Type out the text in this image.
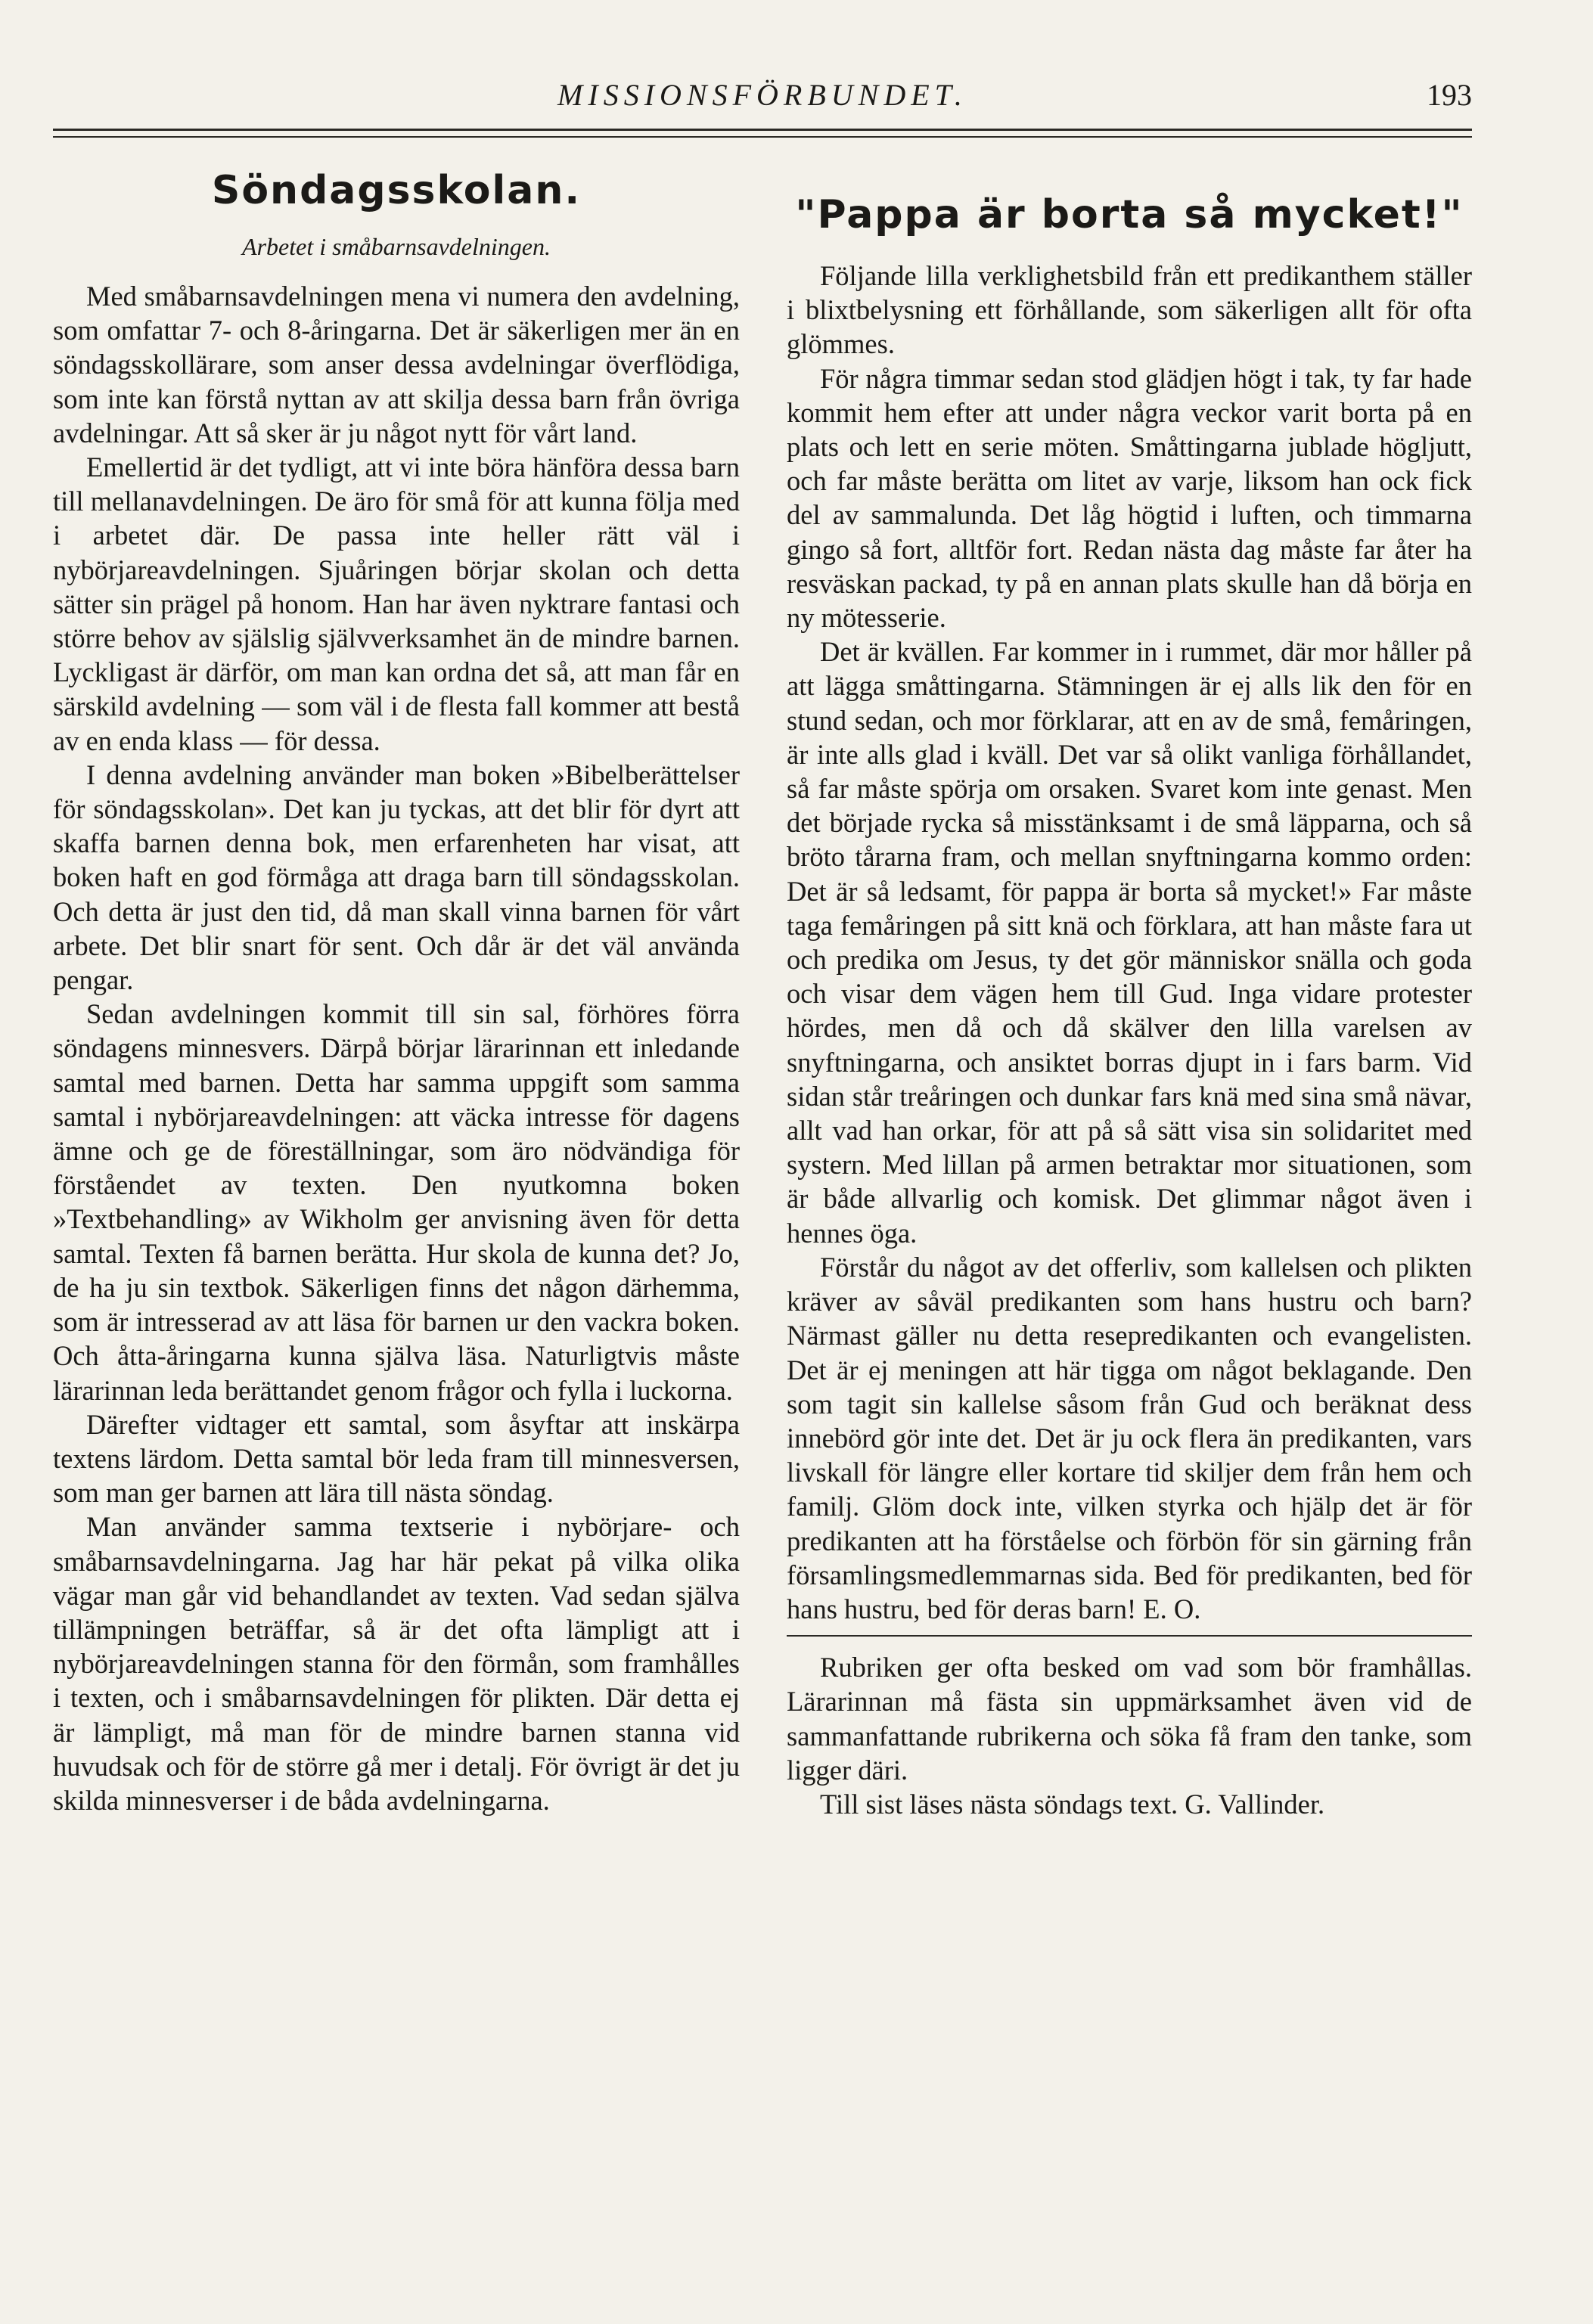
MISSIONSFÖRBUNDET.	193
Söndagsskolan.
Arbetet i småbarnsavdelningen.

Med småbarnsavdelningen mena vi numera den avdelning, som omfattar 7- och 8-åringarna. Det är säkerligen mer än en söndagsskollärare, som anser dessa avdelningar överflödiga, som inte kan förstå nyttan av att skilja dessa barn från övriga avdelningar. Att så sker är ju något nytt för vårt land.

Emellertid är det tydligt, att vi inte böra hänföra dessa barn till mellanavdelningen. De äro för små för att kunna följa med i arbetet där. De passa inte heller rätt väl i nybörjareavdelningen. Sjuåringen börjar skolan och detta sätter sin prägel på honom. Han har även nyktrare fantasi och större behov av själslig självverksamhet än de mindre barnen. Lyckligast är därför, om man kan ordna det så, att man får en särskild avdelning — som väl i de flesta fall kommer att bestå av en enda klass — för dessa.

I denna avdelning använder man boken »Bibelberättelser för söndagsskolan». Det kan ju tyckas, att det blir för dyrt att skaffa barnen denna bok, men erfarenheten har visat, att boken haft en god förmåga att draga barn till söndagsskolan. Och detta är just den tid, då man skall vinna barnen för vårt arbete. Det blir snart för sent. Och dår är det väl använda pengar.

Sedan avdelningen kommit till sin sal, förhöres förra söndagens minnesvers. Därpå börjar lärarinnan ett inledande samtal med barnen. Detta har samma uppgift som samma samtal i nybörjareavdelningen: att väcka intresse för dagens ämne och ge de föreställningar, som äro nödvändiga för förståendet av texten. Den nyutkomna boken »Textbehandling» av Wikholm ger anvisning även för detta samtal. Texten få barnen berätta. Hur skola de kunna det? Jo, de ha ju sin textbok. Säkerligen finns det någon därhemma, som är intresserad av att läsa för barnen ur den vackra boken. Och åtta-åringarna kunna själva läsa. Naturligtvis måste lärarinnan leda berättandet genom frågor och fylla i luckorna.

Därefter vidtager ett samtal, som åsyftar att inskärpa textens lärdom. Detta samtal bör leda fram till minnesversen, som man ger barnen att lära till nästa söndag.

Man använder samma textserie i nybörjare- och småbarnsavdelningarna. Jag har här pekat på vilka olika vägar man går vid behandlandet av texten. Vad sedan själva tillämpningen beträffar, så är det ofta lämpligt att i nybörjareavdelningen stanna för den förmån, som framhålles i texten, och i småbarnsavdelningen för plikten. Där detta ej är lämpligt, må man för de mindre barnen stanna vid huvudsak och för de större gå mer i detalj. För övrigt är det ju skilda minnesverser i de båda avdelningarna.

"Pappa är borta så mycket!"

Följande lilla verklighetsbild från ett predikanthem ställer i blixtbelysning ett förhållande, som säkerligen allt för ofta glömmes.

För några timmar sedan stod glädjen högt i tak, ty far hade kommit hem efter att under några veckor varit borta på en plats och lett en serie möten. Småttingarna jublade högljutt, och far måste berätta om litet av varje, liksom han ock fick del av sammalunda. Det låg högtid i luften, och timmarna gingo så fort, alltför fort. Redan nästa dag måste far åter ha resväskan packad, ty på en annan plats skulle han då börja en ny mötesserie.

Det är kvällen. Far kommer in i rummet, där mor håller på att lägga småttingarna. Stämningen är ej alls lik den för en stund sedan, och mor förklarar, att en av de små, femåringen, är inte alls glad i kväll. Det var så olikt vanliga förhållandet, så far måste spörja om orsaken. Svaret kom inte genast. Men det började rycka så misstänksamt i de små läpparna, och så bröto tårarna fram, och mellan snyftningarna kommo orden: Det är så ledsamt, för pappa är borta så mycket!» Far måste taga femåringen på sitt knä och förklara, att han måste fara ut och predika om Jesus, ty det gör människor snälla och goda och visar dem vägen hem till Gud. Inga vidare protester hördes, men då och då skälver den lilla varelsen av snyftningarna, och ansiktet borras djupt in i fars barm. Vid sidan står treåringen och dunkar fars knä med sina små nävar, allt vad han orkar, för att på så sätt visa sin solidaritet med systern. Med lillan på armen betraktar mor situationen, som är både allvarlig och komisk. Det glimmar något även i hennes öga.

Förstår du något av det offerliv, som kallelsen och plikten kräver av såväl predikanten som hans hustru och barn? Närmast gäller nu detta resepredikanten och evangelisten. Det är ej meningen att här tigga om något beklagande. Den som tagit sin kallelse såsom från Gud och beräknat dess innebörd gör inte det. Det är ju ock flera än predikanten, vars livskall för längre eller kortare tid skiljer dem från hem och familj. Glöm dock inte, vilken styrka och hjälp det är för predikanten att ha förståelse och förbön för sin gärning från församlingsmedlemmarnas sida. Bed för predikanten, bed för hans hustru, bed för deras barn! E. O.

Rubriken ger ofta besked om vad som bör framhållas. Lärarinnan må fästa sin uppmärksamhet även vid de sammanfattande rubrikerna och söka få fram den tanke, som ligger däri.

Till sist läses nästa söndags text. G. Vallinder.
